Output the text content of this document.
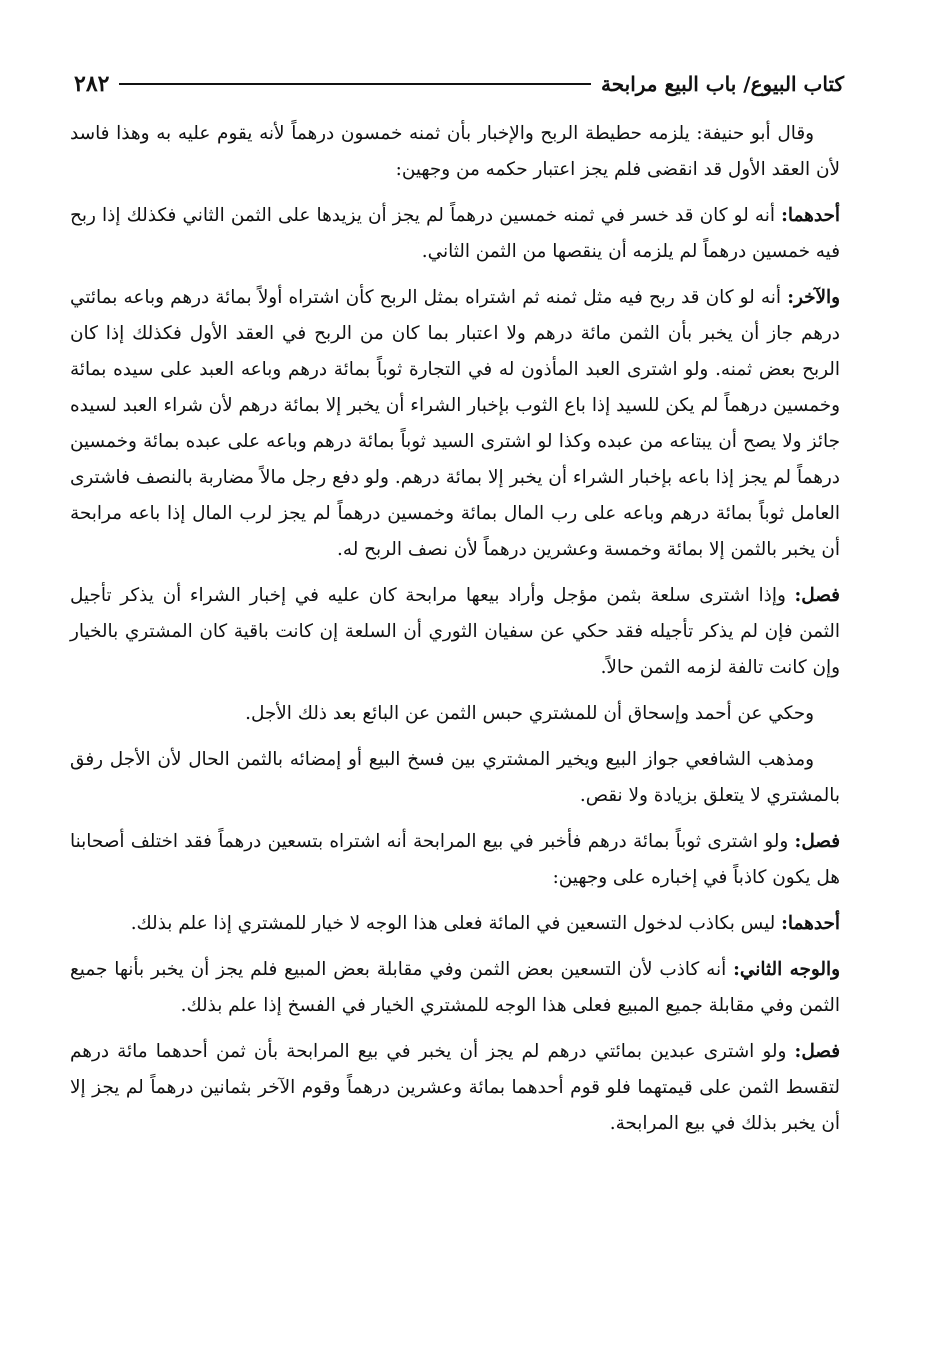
كتاب البيوع/ باب البيع مرابحة
٢٨٢

وقال أبو حنيفة: يلزمه حطيطة الربح والإخبار بأن ثمنه خمسون درهماً لأنه يقوم عليه به وهذا فاسد لأن العقد الأول قد انقضى فلم يجز اعتبار حكمه من وجهين:

أحدهما: أنه لو كان قد خسر في ثمنه خمسين درهماً لم يجز أن يزيدها على الثمن الثاني فكذلك إذا ربح فيه خمسين درهماً لم يلزمه أن ينقصها من الثمن الثاني.

والآخر: أنه لو كان قد ربح فيه مثل ثمنه ثم اشتراه بمثل الربح كأن اشتراه أولاً بمائة درهم وباعه بمائتي درهم جاز أن يخبر بأن الثمن مائة درهم ولا اعتبار بما كان من الربح في العقد الأول فكذلك إذا كان الربح بعض ثمنه. ولو اشترى العبد المأذون له في التجارة ثوباً بمائة درهم وباعه العبد على سيده بمائة وخمسين درهماً لم يكن للسيد إذا باع الثوب بإخبار الشراء أن يخبر إلا بمائة درهم لأن شراء العبد لسيده جائز ولا يصح أن يبتاعه من عبده وكذا لو اشترى السيد ثوباً بمائة درهم وباعه على عبده بمائة وخمسين درهماً لم يجز إذا باعه بإخبار الشراء أن يخبر إلا بمائة درهم. ولو دفع رجل مالاً مضاربة بالنصف فاشترى العامل ثوباً بمائة درهم وباعه على رب المال بمائة وخمسين درهماً لم يجز لرب المال إذا باعه مرابحة أن يخبر بالثمن إلا بمائة وخمسة وعشرين درهماً لأن نصف الربح له.

فصل: وإذا اشترى سلعة بثمن مؤجل وأراد بيعها مرابحة كان عليه في إخبار الشراء أن يذكر تأجيل الثمن فإن لم يذكر تأجيله فقد حكي عن سفيان الثوري أن السلعة إن كانت باقية كان المشتري بالخيار وإن كانت تالفة لزمه الثمن حالاً.

وحكي عن أحمد وإسحاق أن للمشتري حبس الثمن عن البائع بعد ذلك الأجل.

ومذهب الشافعي جواز البيع ويخير المشتري بين فسخ البيع أو إمضائه بالثمن الحال لأن الأجل رفق بالمشتري لا يتعلق بزيادة ولا نقص.

فصل: ولو اشترى ثوباً بمائة درهم فأخبر في بيع المرابحة أنه اشتراه بتسعين درهماً فقد اختلف أصحابنا هل يكون كاذباً في إخباره على وجهين:

أحدهما: ليس بكاذب لدخول التسعين في المائة فعلى هذا الوجه لا خيار للمشتري إذا علم بذلك.

والوجه الثاني: أنه كاذب لأن التسعين بعض الثمن وفي مقابلة بعض المبيع فلم يجز أن يخبر بأنها جميع الثمن وفي مقابلة جميع المبيع فعلى هذا الوجه للمشتري الخيار في الفسخ إذا علم بذلك.

فصل: ولو اشترى عبدين بمائتي درهم لم يجز أن يخبر في بيع المرابحة بأن ثمن أحدهما مائة درهم لتقسط الثمن على قيمتهما فلو قوم أحدهما بمائة وعشرين درهماً وقوم الآخر بثمانين درهماً لم يجز إلا أن يخبر بذلك في بيع المرابحة.
